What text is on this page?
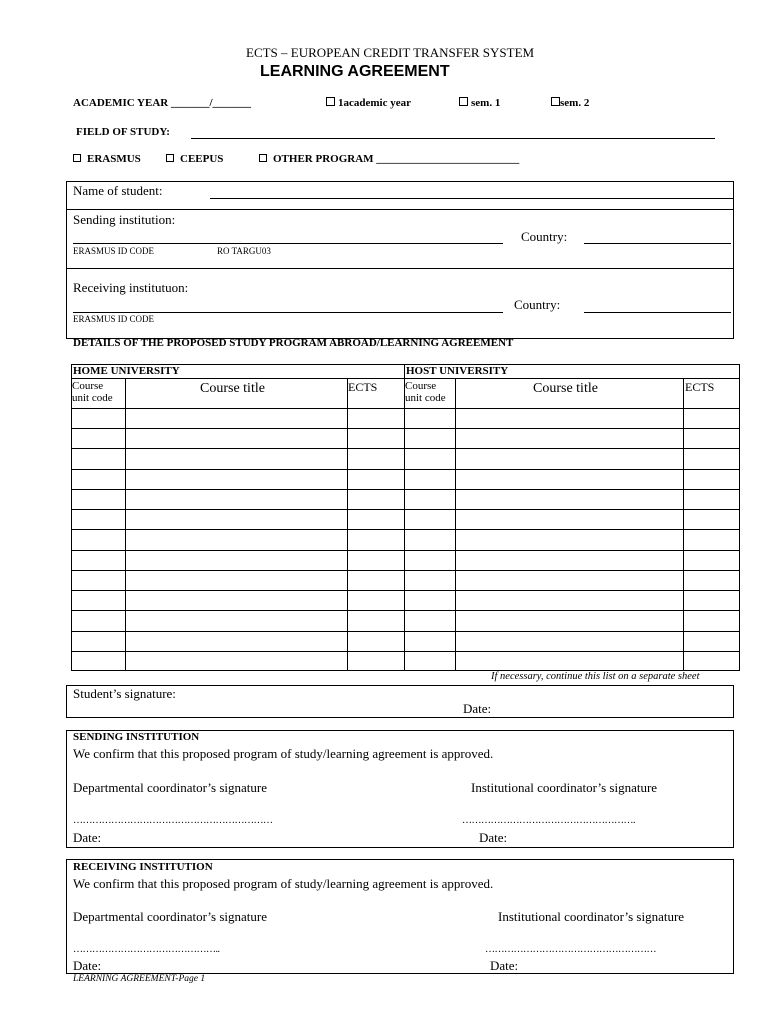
ECTS – EUROPEAN CREDIT TRANSFER SYSTEM
LEARNING AGREEMENT
ACADEMIC YEAR _______/_______	1academic year	sem. 1	sem. 2
FIELD OF STUDY:
ERASMUS	CEEPUS	OTHER PROGRAM __________________________
Name of student:
Sending institution:
Country:
ERASMUS ID CODE	RO TARGU03
Receiving institutuon:
Country:
ERASMUS ID CODE
DETAILS OF THE PROPOSED STUDY PROGRAM ABROAD/LEARNING AGREEMENT
HOME UNIVERSITY	HOST UNIVERSITY
Course
unit code
Course title	ECTS	Course
unit code
Course title	ECTS
If necessary, continue this list on a separate sheet
Student’s signature:
Date:
SENDING INSTITUTION
We confirm that this proposed program of study/learning agreement is approved.
Departmental coordinator’s signature	Institutional coordinator’s signature
………………………………………………………	……………………………………………….
Date:	Date:
RECEIVING INSTITUTION
We confirm that this proposed program of study/learning agreement is approved.
Departmental coordinator’s signature	Institutional coordinator’s signature
………………………………………..	………………………………………………
Date:	Date:
LEARNING AGREEMENT-Page 1
